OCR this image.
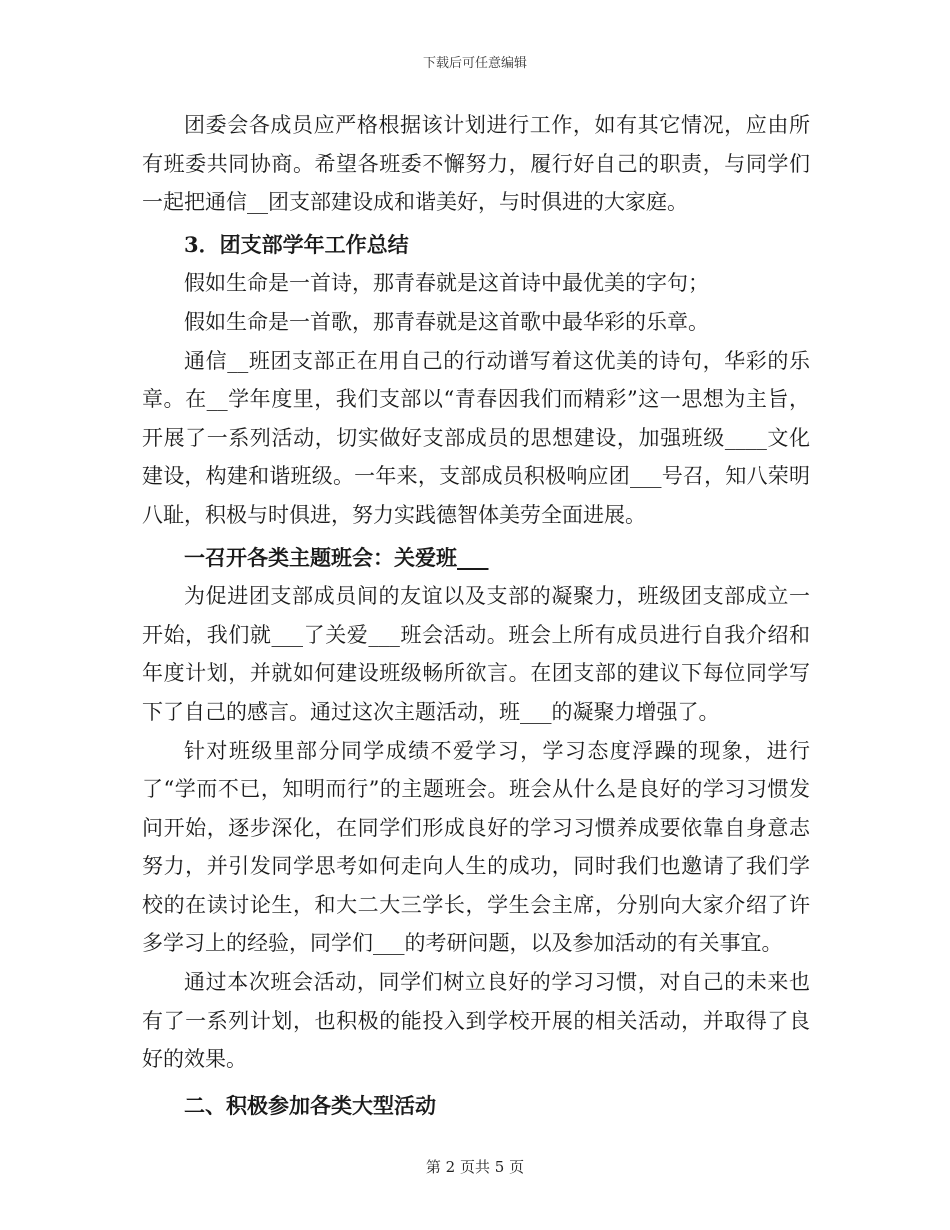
下载后可任意编辑

团委会各成员应严格根据该计划进行工作，如有其它情况，应由所有班委共同协商。希望各班委不懈努力，履行好自己的职责，与同学们一起把通信__团支部建设成和谐美好，与时俱进的大家庭。

3．团支部学年工作总结

假如生命是一首诗，那青春就是这首诗中最优美的字句；

假如生命是一首歌，那青春就是这首歌中最华彩的乐章。

通信__班团支部正在用自己的行动谱写着这优美的诗句，华彩的乐章。在__学年度里，我们支部以“青春因我们而精彩”这一思想为主旨，开展了一系列活动，切实做好支部成员的思想建设，加强班级____文化建设，构建和谐班级。一年来，支部成员积极响应团___号召，知八荣明八耻，积极与时俱进，努力实践德智体美劳全面进展。

一召开各类主题班会：关爱班___

为促进团支部成员间的友谊以及支部的凝聚力，班级团支部成立一开始，我们就___了关爱___班会活动。班会上所有成员进行自我介绍和年度计划，并就如何建设班级畅所欲言。在团支部的建议下每位同学写下了自己的感言。通过这次主题活动，班___的凝聚力增强了。

针对班级里部分同学成绩不爱学习，学习态度浮躁的现象，进行了“学而不已，知明而行”的主题班会。班会从什么是良好的学习习惯发问开始，逐步深化，在同学们形成良好的学习习惯养成要依靠自身意志努力，并引发同学思考如何走向人生的成功，同时我们也邀请了我们学校的在读讨论生，和大二大三学长，学生会主席，分别向大家介绍了许多学习上的经验，同学们___的考研问题，以及参加活动的有关事宜。

通过本次班会活动，同学们树立良好的学习习惯，对自己的未来也有了一系列计划，也积极的能投入到学校开展的相关活动，并取得了良好的效果。

二、积极参加各类大型活动

第 2 页共 5 页
